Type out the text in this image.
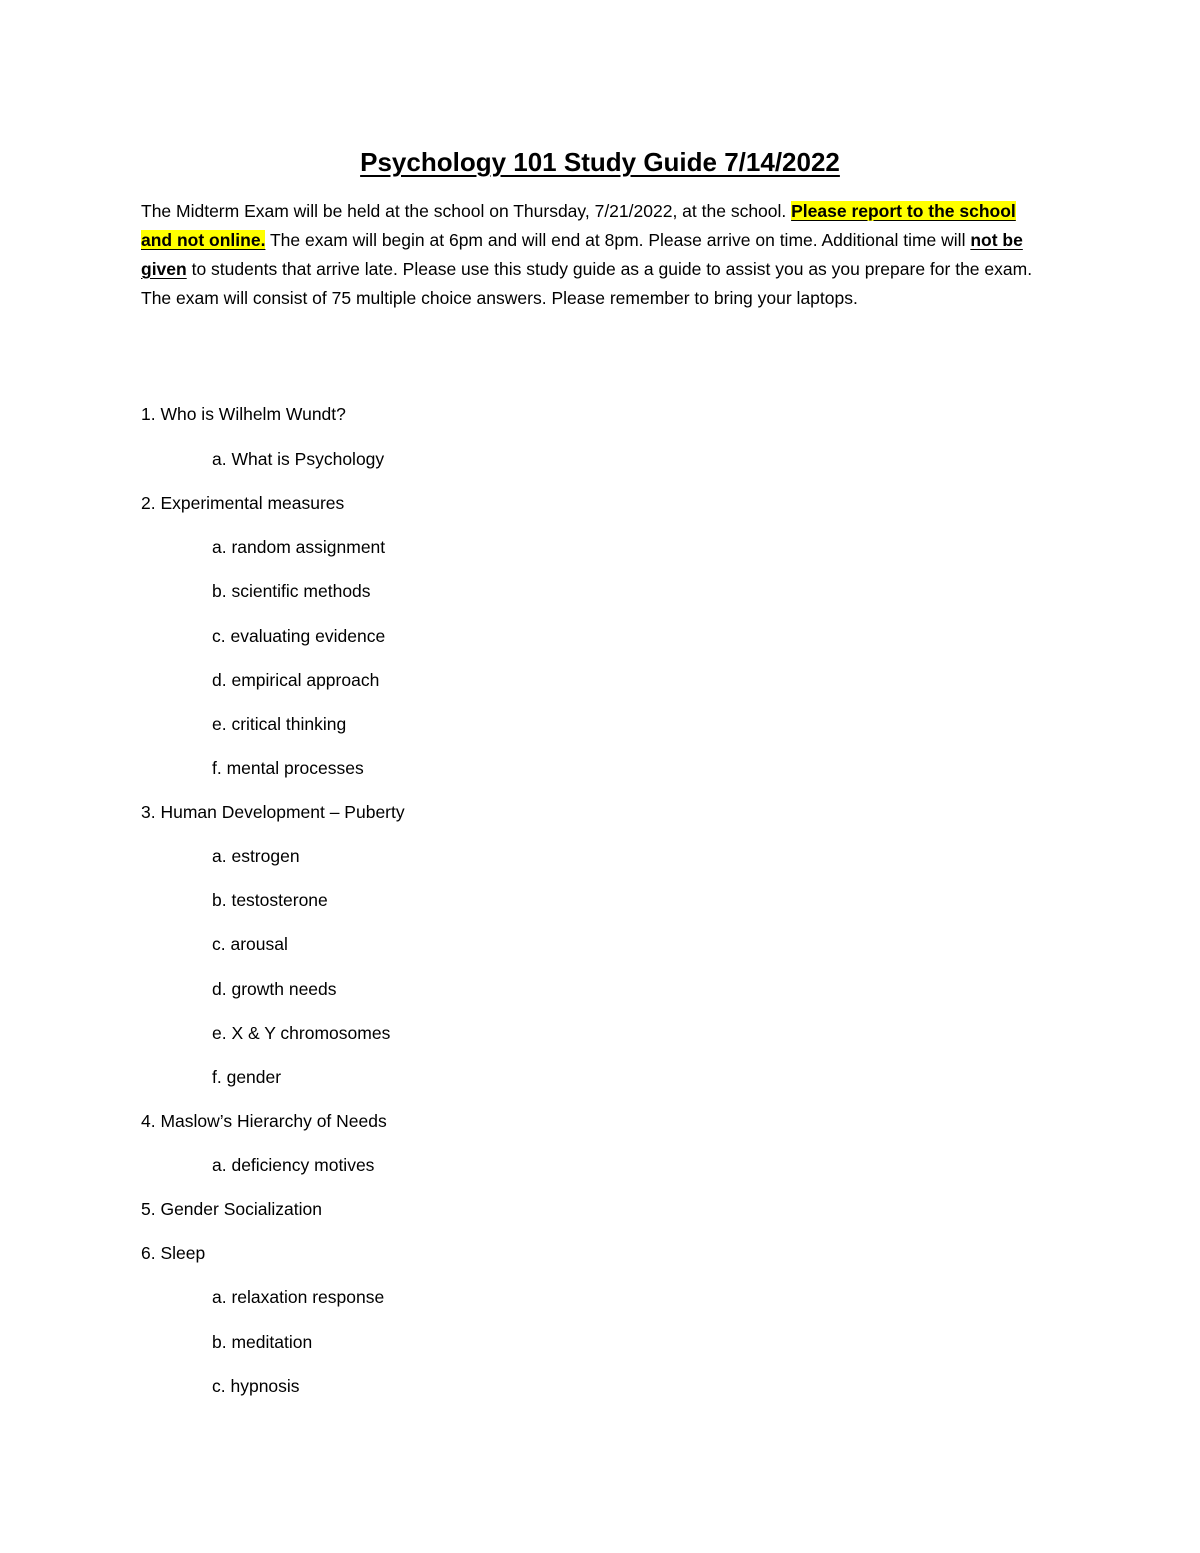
Psychology 101 Study Guide 7/14/2022

The Midterm Exam will be held at the school on Thursday, 7/21/2022, at the school. Please report to the school and not online. The exam will begin at 6pm and will end at 8pm. Please arrive on time. Additional time will not be given to students that arrive late. Please use this study guide as a guide to assist you as you prepare for the exam. The exam will consist of 75 multiple choice answers. Please remember to bring your laptops.

1. Who is Wilhelm Wundt?

a. What is Psychology

2. Experimental measures

a. random assignment

b. scientific methods

c. evaluating evidence

d. empirical approach

e. critical thinking

f. mental processes

3. Human Development – Puberty

a. estrogen

b. testosterone

c. arousal

d. growth needs

e. X & Y chromosomes

f. gender

4. Maslow’s Hierarchy of Needs

a. deficiency motives

5. Gender Socialization

6. Sleep

a. relaxation response

b. meditation

c. hypnosis
